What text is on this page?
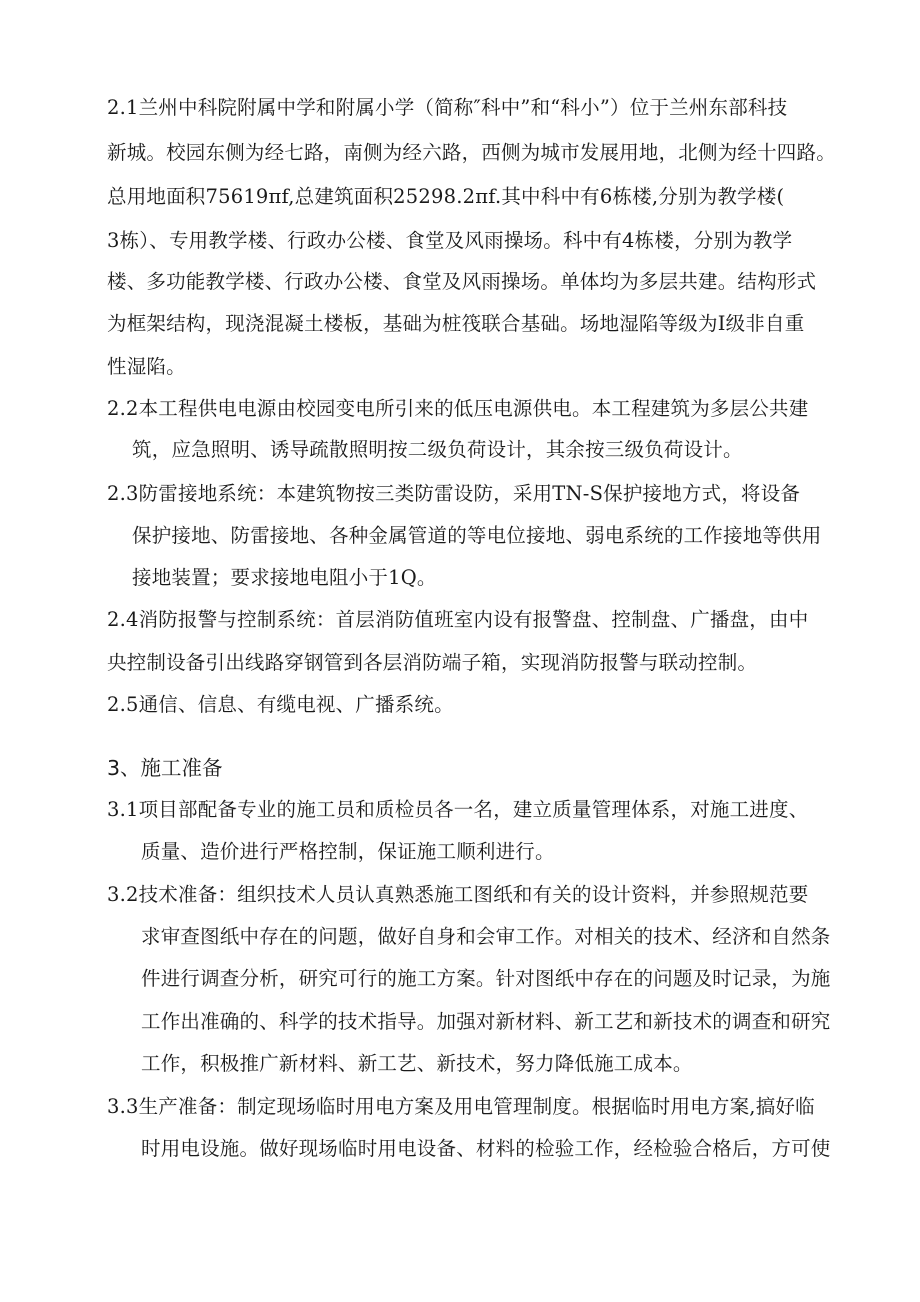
2.1兰州中科院附属中学和附属小学（简称″科中”和“科小”）位于兰州东部科技
新城。校园东侧为经七路，南侧为经六路，西侧为城市发展用地，北侧为经十四路。
总用地面积75619πf,总建筑面积25298.2πf.其中科中有6栋楼,分别为教学楼(
3栋）、专用教学楼、行政办公楼、食堂及风雨操场。科中有4栋楼，分别为教学
楼、多功能教学楼、行政办公楼、食堂及风雨操场。单体均为多层共建。结构形式
为框架结构，现浇混凝土楼板，基础为桩筏联合基础。场地湿陷等级为Ⅰ级非自重
性湿陷。
2.2本工程供电电源由校园变电所引来的低压电源供电。本工程建筑为多层公共建
筑，应急照明、诱导疏散照明按二级负荷设计，其余按三级负荷设计。
2.3防雷接地系统：本建筑物按三类防雷设防，采用TN-S保护接地方式，将设备
保护接地、防雷接地、各种金属管道的等电位接地、弱电系统的工作接地等供用
接地装置；要求接地电阻小于1Q。
2.4消防报警与控制系统：首层消防值班室内设有报警盘、控制盘、广播盘，由中
央控制设备引出线路穿钢管到各层消防端子箱，实现消防报警与联动控制。
2.5通信、信息、有缆电视、广播系统。
3、施工准备
3.1项目部配备专业的施工员和质检员各一名，建立质量管理体系，对施工进度、
质量、造价进行严格控制，保证施工顺利进行。
3.2技术准备：组织技术人员认真熟悉施工图纸和有关的设计资料，并参照规范要
求审查图纸中存在的问题，做好自身和会审工作。对相关的技术、经济和自然条
件进行调查分析，研究可行的施工方案。针对图纸中存在的问题及时记录，为施
工作出准确的、科学的技术指导。加强对新材料、新工艺和新技术的调查和研究
工作，积极推广新材料、新工艺、新技术，努力降低施工成本。
3.3生产准备：制定现场临时用电方案及用电管理制度。根据临时用电方案,搞好临
时用电设施。做好现场临时用电设备、材料的检验工作，经检验合格后，方可使
